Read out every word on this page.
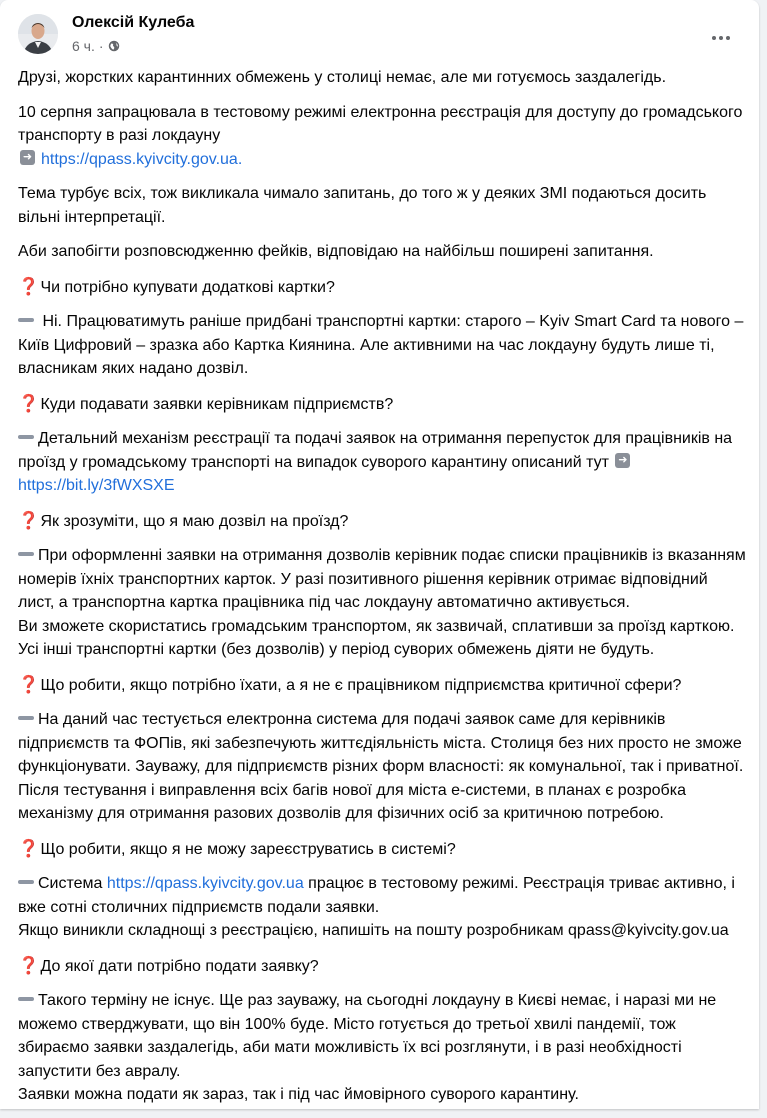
Олексій Кулеба
6 ч. ·

Друзі, жорстких карантинних обмежень у столиці немає, але ми готуємось заздалегідь.

10 серпня запрацювала в тестовому режимі електронна реєстрація для доступу до громадського транспорту в разі локдауну
➜ https://qpass.kyivcity.gov.ua.

Тема турбує всіх, тож викликала чимало запитань, до того ж у деяких ЗМІ подаються досить вільні інтерпретації.

Аби запобігти розповсюдженню фейків, відповідаю на найбільш поширені запитання.

❓ Чи потрібно купувати додаткові картки?

Ні. Працюватимуть раніше придбані транспортні картки: старого – Kyiv Smart Card та нового – Київ Цифровий – зразка або Картка Киянина. Але активними на час локдауну будуть лише ті, власникам яких надано дозвіл.

❓ Куди подавати заявки керівникам підприємств?

Детальний механізм реєстрації та подачі заявок на отримання перепусток для працівників на проїзд у громадському транспорті на випадок суворого карантину описаний тут ➜ https://bit.ly/3fWXSXE

❓ Як зрозуміти, що я маю дозвіл на проїзд?

При оформленні заявки на отримання дозволів керівник подає списки працівників із вказанням номерів їхніх транспортних карток. У разі позитивного рішення керівник отримає відповідний лист, а транспортна картка працівника під час локдауну автоматично активується.
Ви зможете скористатись громадським транспортом, як зазвичай, сплативши за проїзд карткою. Усі інші транспортні картки (без дозволів) у період суворих обмежень діяти не будуть.

❓ Що робити, якщо потрібно їхати, а я не є працівником підприємства критичної сфери?

На даний час тестується електронна система для подачі заявок саме для керівників підприємств та ФОПів, які забезпечують життєдіяльність міста. Столиця без них просто не зможе функціонувати. Зауважу, для підприємств різних форм власності: як комунальної, так і приватної.
Після тестування і виправлення всіх багів нової для міста е-системи, в планах є розробка механізму для отримання разових дозволів для фізичних осіб за критичною потребою.

❓ Що робити, якщо я не можу зареєструватись в системі?

Система https://qpass.kyivcity.gov.ua працює в тестовому режимі. Реєстрація триває активно, і вже сотні столичних підприємств подали заявки.
Якщо виникли складнощі з реєстрацією, напишіть на пошту розробникам qpass@kyivcity.gov.ua

❓ До якої дати потрібно подати заявку?

Такого терміну не існує. Ще раз зауважу, на сьогодні локдауну в Києві немає, і наразі ми не можемо стверджувати, що він 100% буде. Місто готується до третьої хвилі пандемії, тож збираємо заявки заздалегідь, аби мати можливість їх всі розглянути, і в разі необхідності запустити без авралу.
Заявки можна подати як зараз, так і під час ймовірного суворого карантину.
